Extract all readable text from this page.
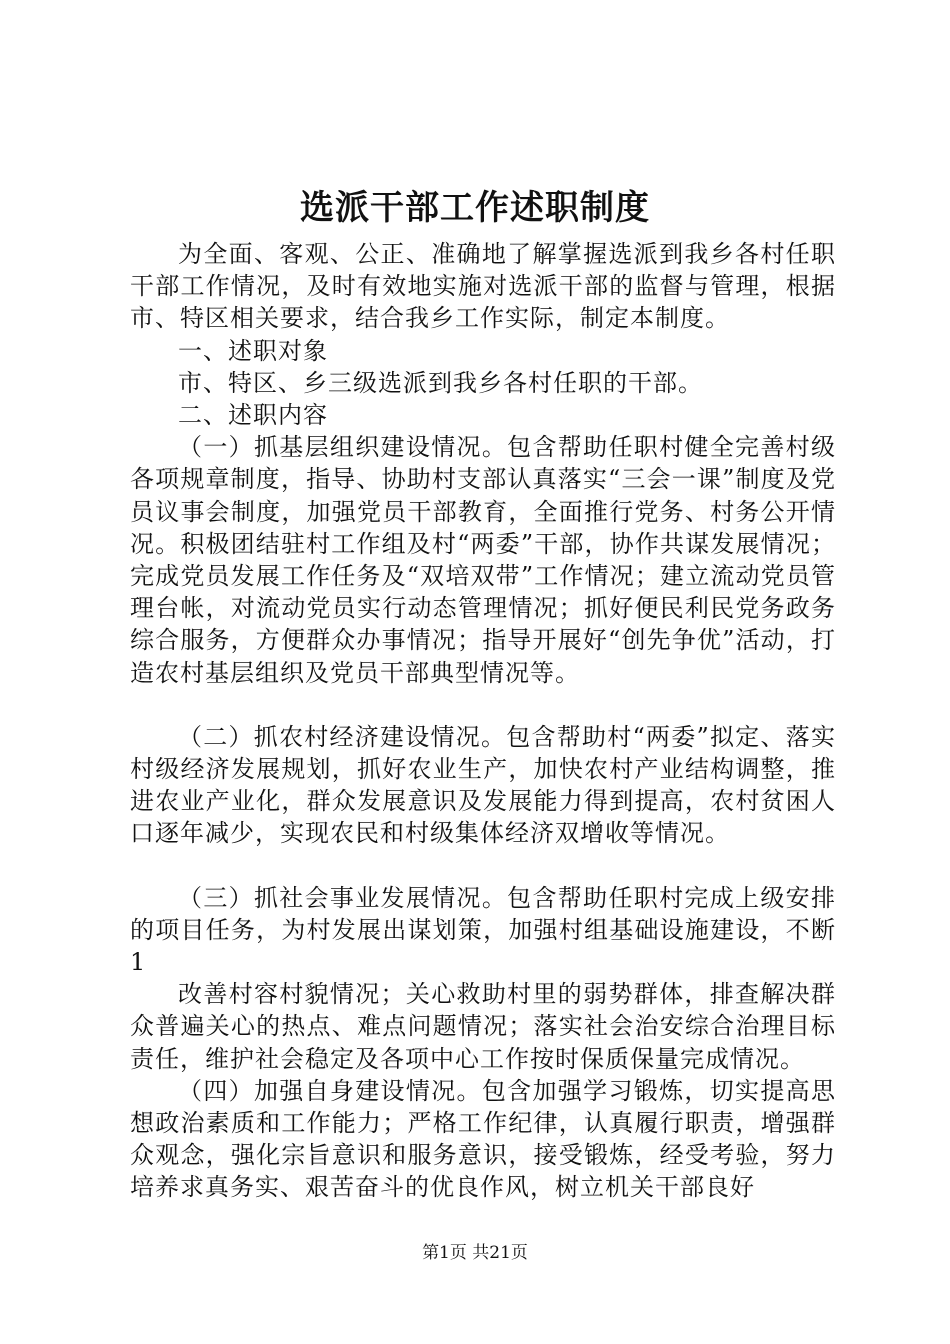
选派干部工作述职制度

为全面、客观、公正、准确地了解掌握选派到我乡各村任职干部工作情况，及时有效地实施对选派干部的监督与管理，根据市、特区相关要求，结合我乡工作实际，制定本制度。

一、述职对象

市、特区、乡三级选派到我乡各村任职的干部。

二、述职内容

（一）抓基层组织建设情况。包含帮助任职村健全完善村级各项规章制度，指导、协助村支部认真落实“三会一课”制度及党员议事会制度，加强党员干部教育，全面推行党务、村务公开情况。积极团结驻村工作组及村“两委”干部，协作共谋发展情况；完成党员发展工作任务及“双培双带”工作情况；建立流动党员管理台帐，对流动党员实行动态管理情况；抓好便民利民党务政务综合服务，方便群众办事情况；指导开展好“创先争优”活动，打造农村基层组织及党员干部典型情况等。

（二）抓农村经济建设情况。包含帮助村“两委”拟定、落实村级经济发展规划，抓好农业生产，加快农村产业结构调整，推进农业产业化，群众发展意识及发展能力得到提高，农村贫困人口逐年减少，实现农民和村级集体经济双增收等情况。

（三）抓社会事业发展情况。包含帮助任职村完成上级安排的项目任务，为村发展出谋划策，加强村组基础设施建设，不断1

改善村容村貌情况；关心救助村里的弱势群体，排查解决群众普遍关心的热点、难点问题情况；落实社会治安综合治理目标责任，维护社会稳定及各项中心工作按时保质保量完成情况。

（四）加强自身建设情况。包含加强学习锻炼，切实提高思想政治素质和工作能力；严格工作纪律，认真履行职责，增强群众观念，强化宗旨意识和服务意识，接受锻炼，经受考验，努力培养求真务实、艰苦奋斗的优良作风，树立机关干部良好

第1页 共21页
